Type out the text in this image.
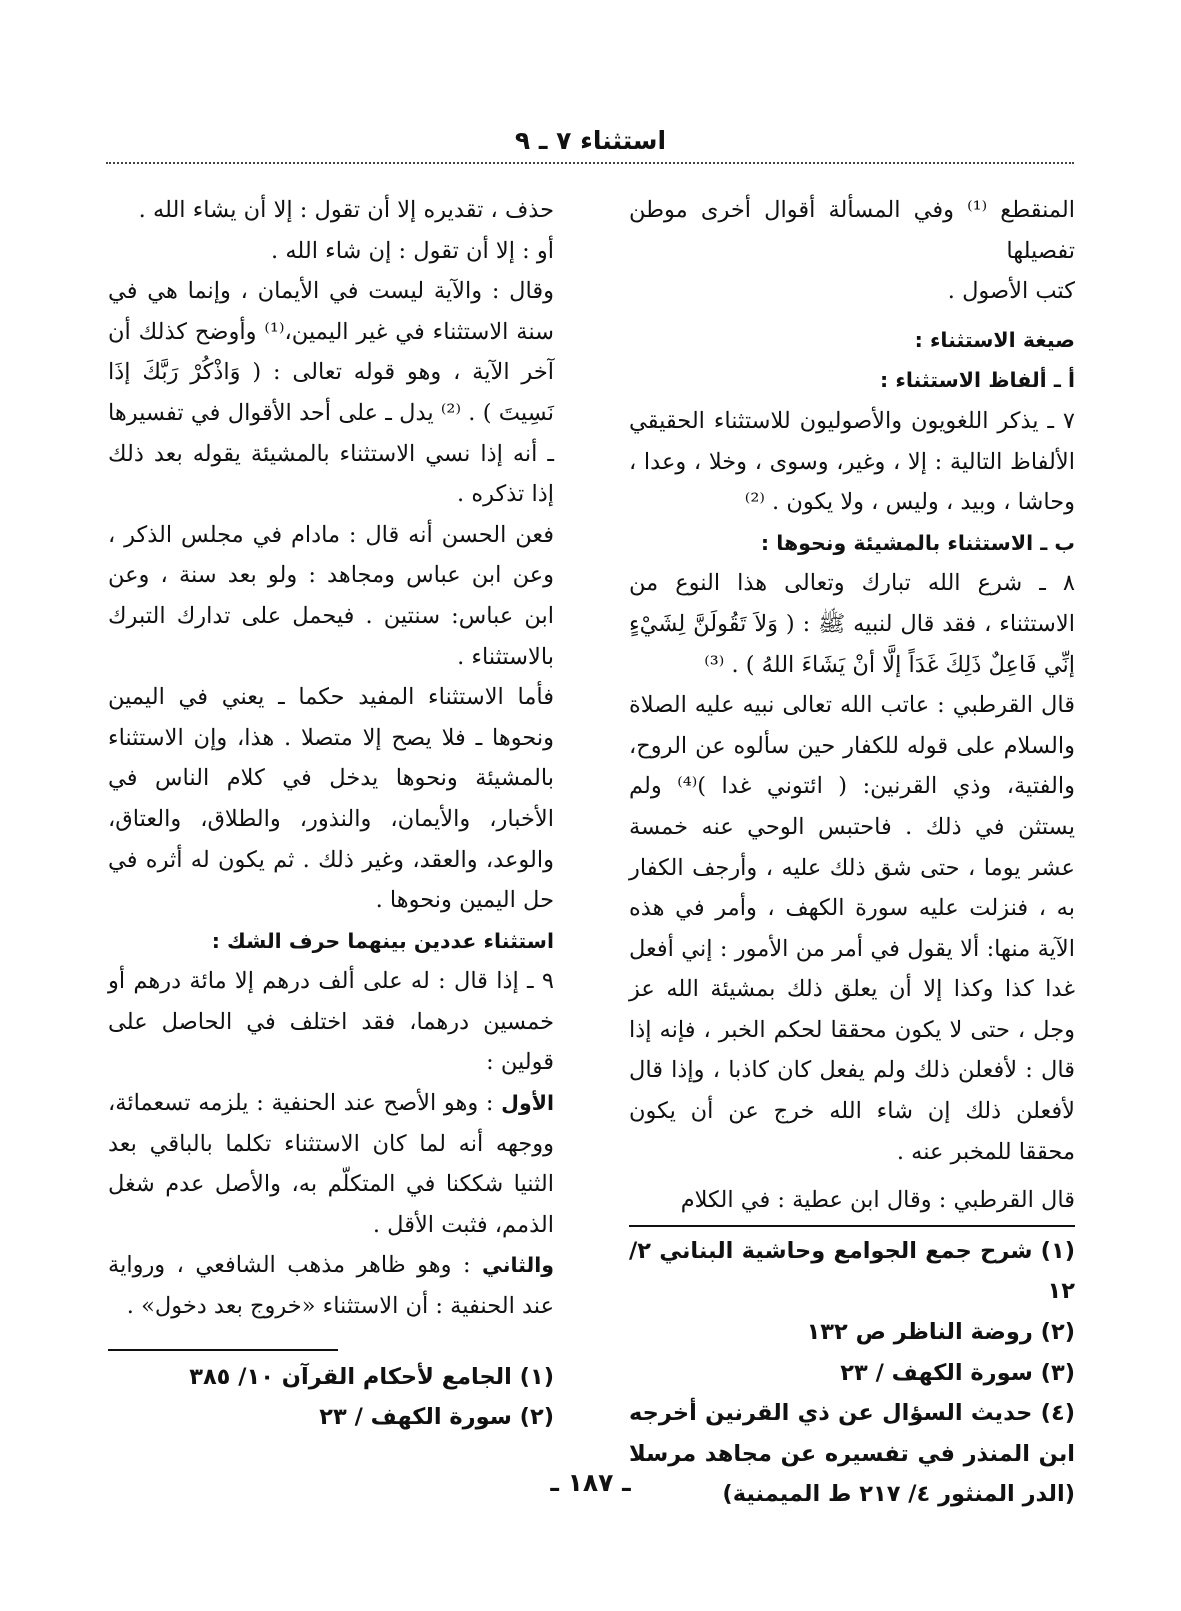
استثناء ٧ ـ ٩

المنقطع ⁽¹⁾ وفي المسألة أقوال أخرى موطن تفصيلها

كتب الأصول .

صيغة الاستثناء :

أ ـ ألفاظ الاستثناء :

٧ ـ يذكر اللغويون والأصوليون للاستثناء الحقيقي الألفاظ التالية : إلا ، وغير، وسوى ، وخلا ، وعدا ، وحاشا ، وبيد ، وليس ، ولا يكون . ⁽²⁾

ب ـ الاستثناء بالمشيئة ونحوها :

٨ ـ شرع الله تبارك وتعالى هذا النوع من الاستثناء ، فقد قال لنبيه ﷺ : ( وَلاَ تَقُولَنَّ لِشَيْءٍ إنِّي فَاعِلٌ ذَلِكَ غَدَاً إلَّا أنْ يَشَاءَ اللهُ ) . ⁽³⁾

قال القرطبي : عاتب الله تعالى نبيه عليه الصلاة والسلام على قوله للكفار حين سألوه عن الروح، والفتية، وذي القرنين: ( ائتوني غدا )⁽⁴⁾ ولم يستثن في ذلك . فاحتبس الوحي عنه خمسة عشر يوما ، حتى شق ذلك عليه ، وأرجف الكفار به ، فنزلت عليه سورة الكهف ، وأمر في هذه الآية منها: ألا يقول في أمر من الأمور : إني أفعل غدا كذا وكذا إلا أن يعلق ذلك بمشيئة الله عز وجل ، حتى لا يكون محققا لحكم الخبر ، فإنه إذا قال : لأفعلن ذلك ولم يفعل كان كاذبا ، وإذا قال لأفعلن ذلك إن شاء الله خرج عن أن يكون محققا للمخبر عنه .

قال القرطبي : وقال ابن عطية : في الكلام

(١) شرح جمع الجوامع وحاشية البناني ٢/ ١٢

(٢) روضة الناظر ص ١٣٢

(٣) سورة الكهف / ٢٣

(٤) حديث السؤال عن ذي القرنين أخرجه ابن المنذر في تفسيره عن مجاهد مرسلا (الدر المنثور ٤/ ٢١٧ ط الميمنية)

حذف ، تقديره إلا أن تقول : إلا أن يشاء الله .

أو : إلا أن تقول : إن شاء الله .

وقال : والآية ليست في الأيمان ، وإنما هي في سنة الاستثناء في غير اليمين،⁽¹⁾ وأوضح كذلك أن آخر الآية ، وهو قوله تعالى : ( وَاذْكُرْ رَبَّكَ إذَا نَسِيتَ ) . ⁽²⁾ يدل ـ على أحد الأقوال في تفسيرها ـ أنه إذا نسي الاستثناء بالمشيئة يقوله بعد ذلك إذا تذكره .

فعن الحسن أنه قال : مادام في مجلس الذكر ، وعن ابن عباس ومجاهد : ولو بعد سنة ، وعن ابن عباس: سنتين . فيحمل على تدارك التبرك بالاستثناء .

فأما الاستثناء المفيد حكما ـ يعني في اليمين ونحوها ـ فلا يصح إلا متصلا . هذا، وإن الاستثناء بالمشيئة ونحوها يدخل في كلام الناس في الأخبار، والأيمان، والنذور، والطلاق، والعتاق، والوعد، والعقد، وغير ذلك . ثم يكون له أثره في حل اليمين ونحوها .

استثناء عددين بينهما حرف الشك :

٩ ـ إذا قال : له على ألف درهم إلا مائة درهم أو خمسين درهما، فقد اختلف في الحاصل على قولين :

الأول : وهو الأصح عند الحنفية : يلزمه تسعمائة، ووجهه أنه لما كان الاستثناء تكلما بالباقي بعد الثنيا شككنا في المتكلّم به، والأصل عدم شغل الذمم، فثبت الأقل .

والثاني : وهو ظاهر مذهب الشافعي ، ورواية عند الحنفية : أن الاستثناء «خروج بعد دخول» .

(١) الجامع لأحكام القرآن ١٠/ ٣٨٥

(٢) سورة الكهف / ٢٣

ـ ١٨٧ ـ
